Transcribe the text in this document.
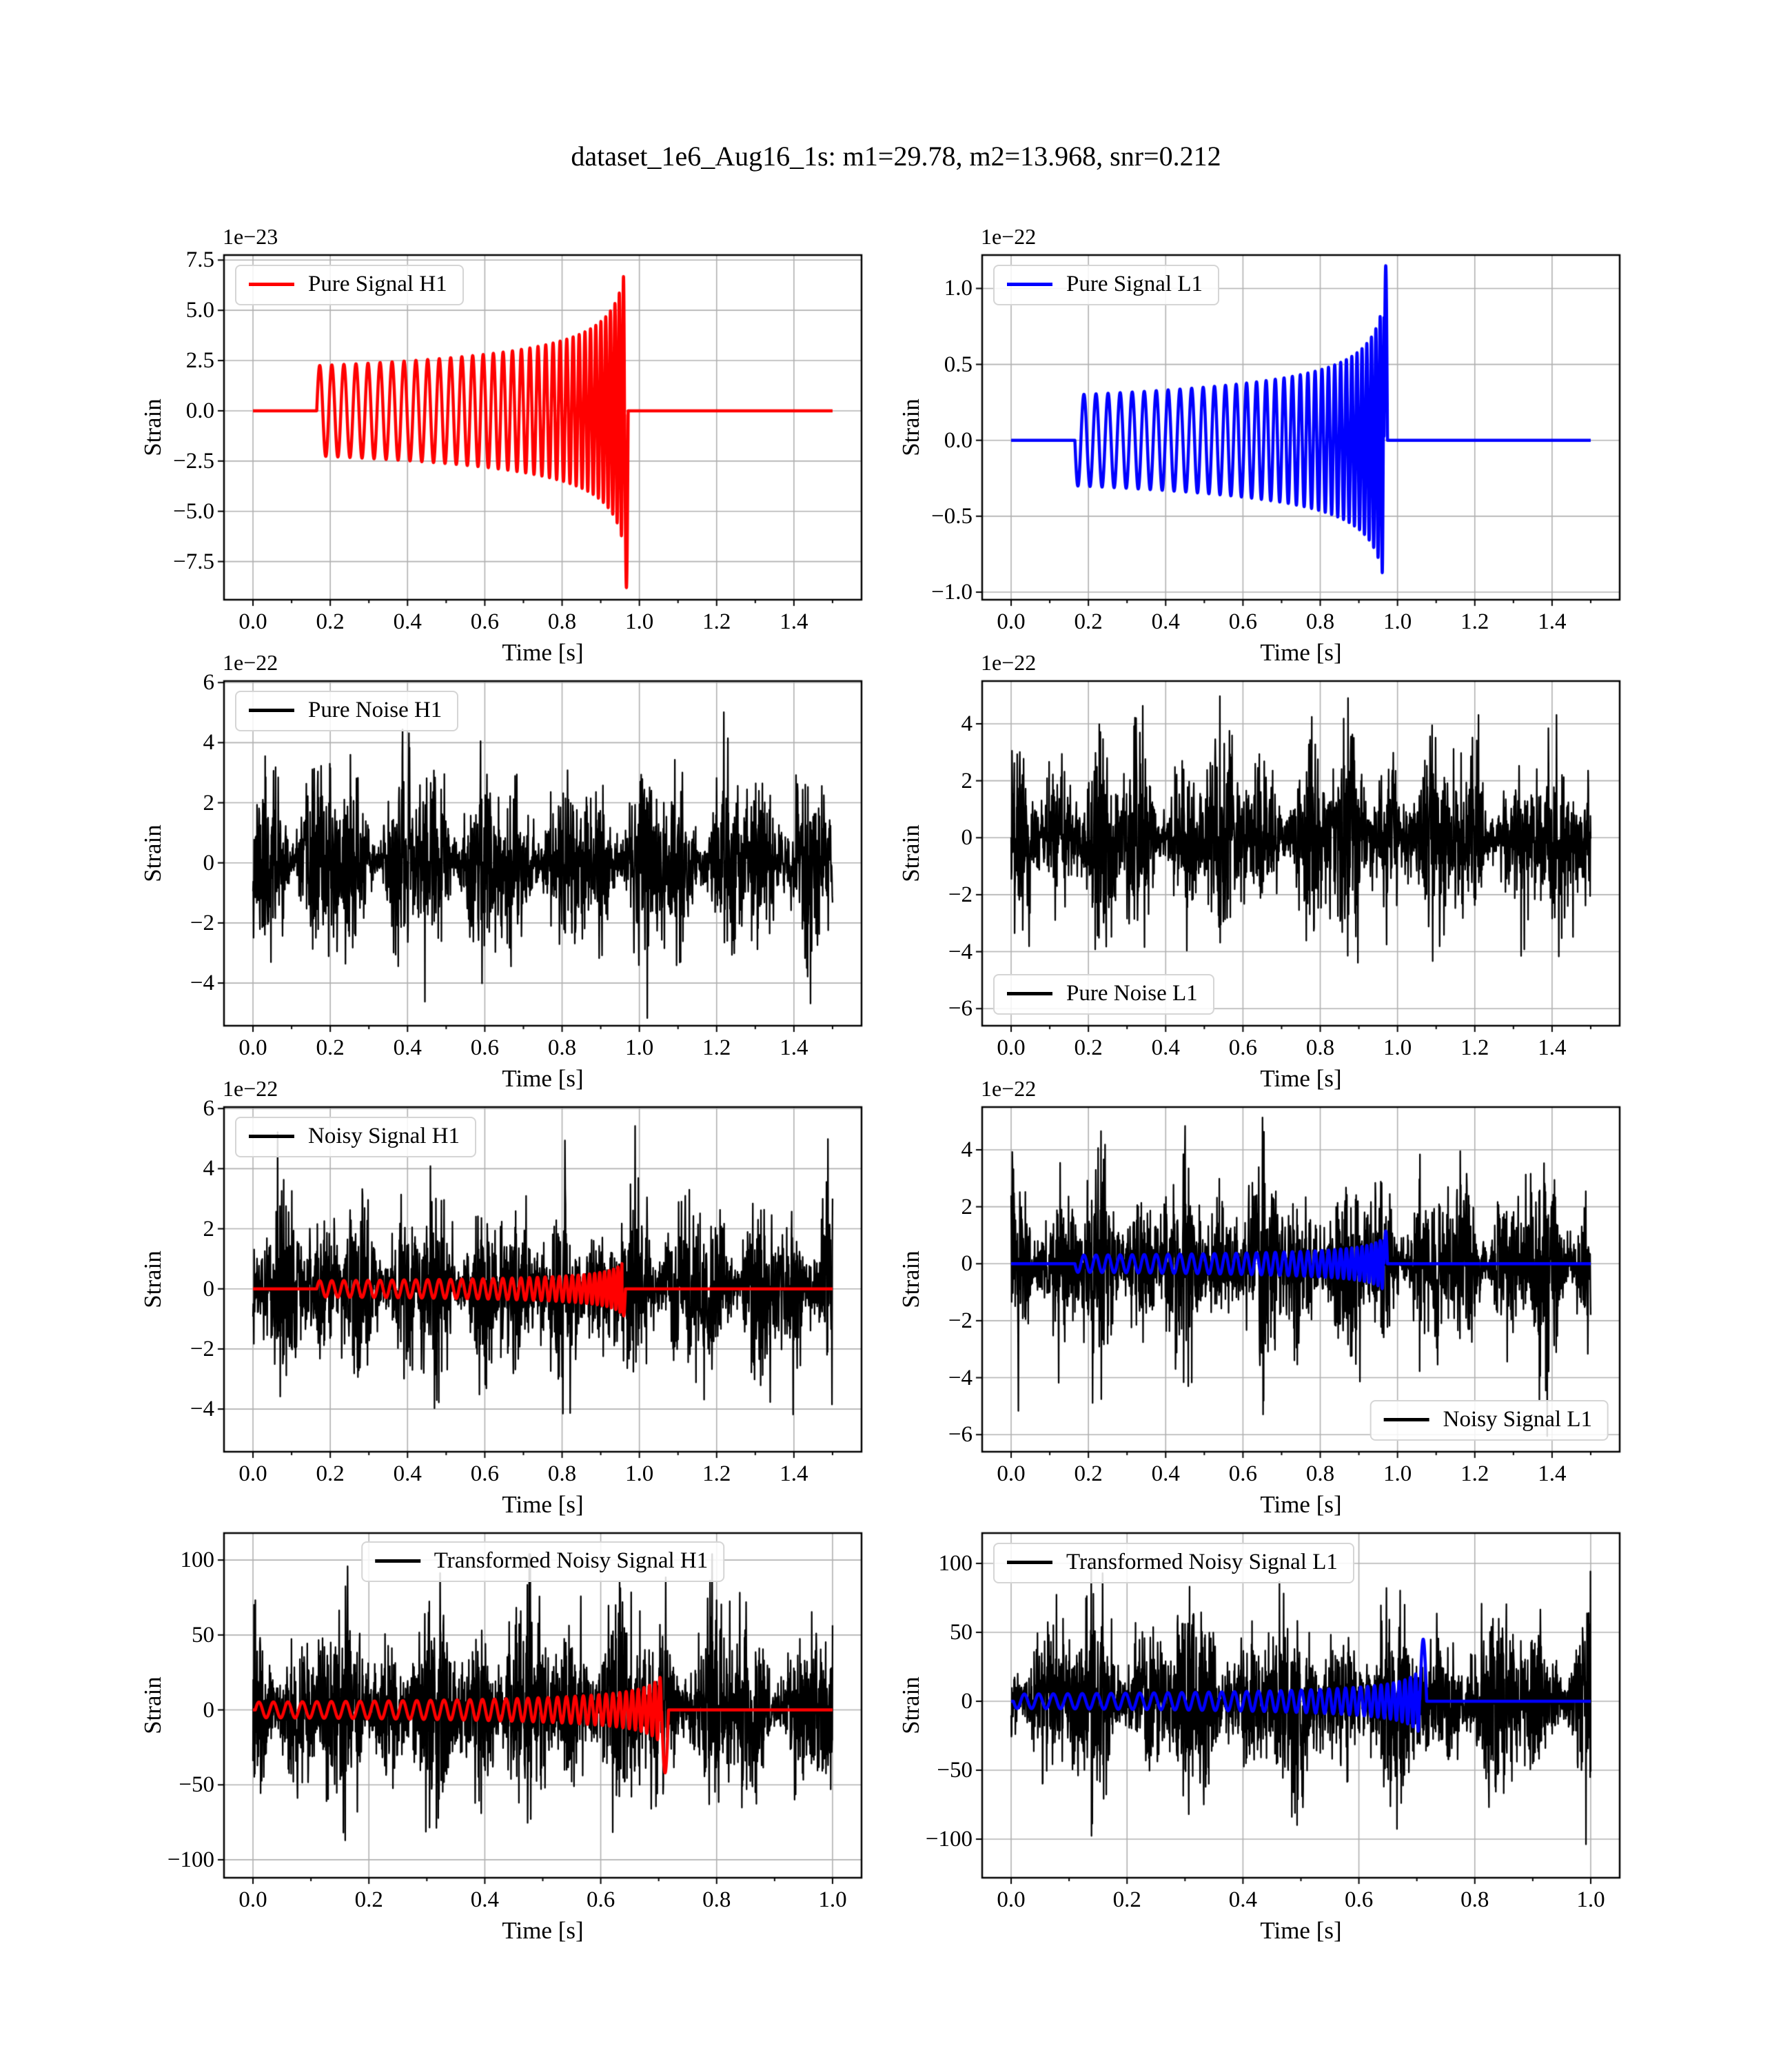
dataset_1e6_Aug16_1s: m1=29.78, m2=13.968, snr=0.212
1e−23
7.5
5.0
2.5
0.0
−2.5
−5.0
−7.5
0.0 0.2 0.4 0.6 0.8 1.0 1.2 1.4
Time [s]
Strain
Pure Signal H1
1e−22
1.0
0.5
0.0
−0.5
−1.0
0.0 0.2 0.4 0.6 0.8 1.0 1.2 1.4
Time [s]
Strain
Pure Signal L1
1e−22
6
4
2
0
−2
−4
0.0 0.2 0.4 0.6 0.8 1.0 1.2 1.4
Time [s]
Strain
Pure Noise H1
1e−22
4
2
0
−2
−4
−6
0.0 0.2 0.4 0.6 0.8 1.0 1.2 1.4
Time [s]
Strain
Pure Noise L1
1e−22
6
4
2
0
−2
−4
0.0 0.2 0.4 0.6 0.8 1.0 1.2 1.4
Time [s]
Strain
Noisy Signal H1
1e−22
4
2
0
−2
−4
−6
0.0 0.2 0.4 0.6 0.8 1.0 1.2 1.4
Time [s]
Strain
Noisy Signal L1
100
50
0
−50
−100
0.0	0.2	0.4	0.6	0.8	1.0
Time [s]
Strain
Transformed Noisy Signal H1	100
50
0
−50
−100
0.0	0.2	0.4	0.6	0.8	1.0
Time [s]
Strain
Transformed Noisy Signal L1
